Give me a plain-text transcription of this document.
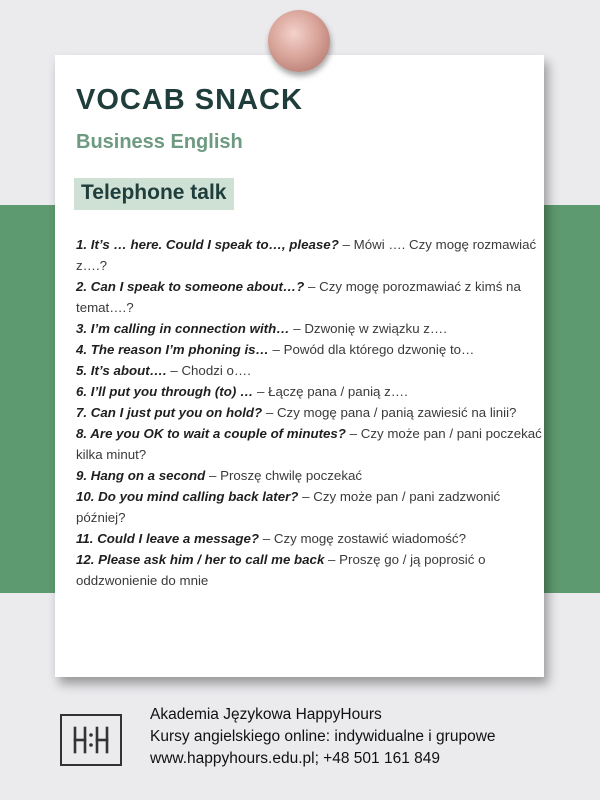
VOCAB SNACK
Business English
Telephone talk
1. It’s … here. Could I speak to…, please? – Mówi …. Czy mogę rozmawiać z….?
2. Can I speak to someone about…? – Czy mogę porozmawiać z kimś na temat….?
3. I’m calling in connection with… – Dzwonię w związku z….
4. The reason I’m phoning is… – Powód dla którego dzwonię to…
5. It’s about…. – Chodzi o….
6. I’ll put you through (to) … – Łączę pana / panią z….
7. Can I just put you on hold? – Czy mogę pana / panią zawiesić na linii?
8. Are you OK to wait a couple of minutes? – Czy może pan / pani poczekać kilka minut?
9. Hang on a second – Proszę chwilę poczekać
10. Do you mind calling back later? – Czy może pan / pani zadzwonić później?
11. Could I leave a message? – Czy mogę zostawić wiadomość?
12. Please ask him / her to call me back – Proszę go / ją poprosić o oddzwonienie do mnie
Akademia Językowa HappyHours
Kursy angielskiego online: indywidualne i grupowe
www.happyhours.edu.pl; +48 501 161 849
